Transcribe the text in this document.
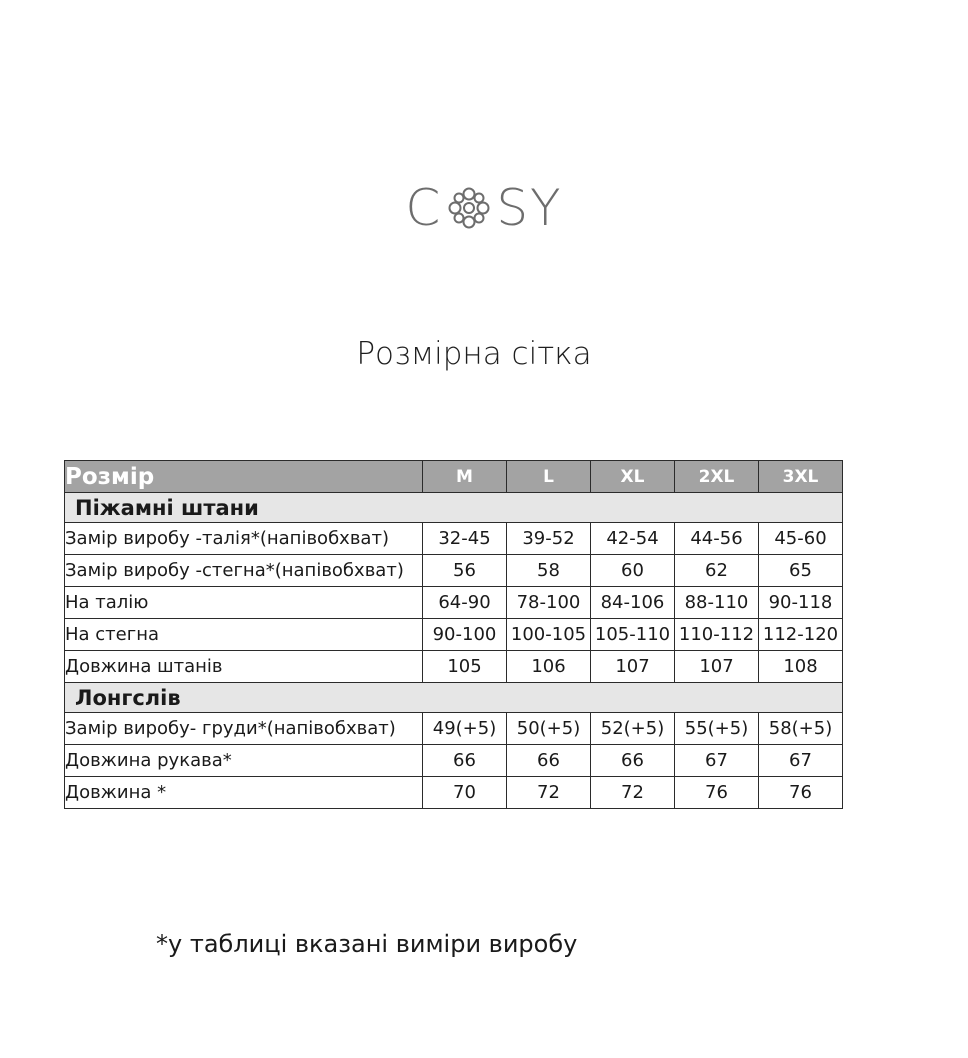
C SY
Розмірна сітка
Розмір	M	L	XL	2XL	3XL
Піжамні штани					
Замір виробу -талія*(напівобхват)	32-45	39-52	42-54	44-56	45-60
Замір виробу -стегна*(напівобхват)	56	58	60	62	65
На талію	64-90	78-100	84-106	88-110	90-118
На стегна	90-100	100-105	105-110	110-112	112-120
Довжина штанів	105	106	107	107	108
Лонгслів					
Замір виробу- груди*(напівобхват)	49(+5)	50(+5)	52(+5)	55(+5)	58(+5)
Довжина рукава*	66	66	66	67	67
Довжина *	70	72	72	76	76
*у таблиці вказані виміри виробу
